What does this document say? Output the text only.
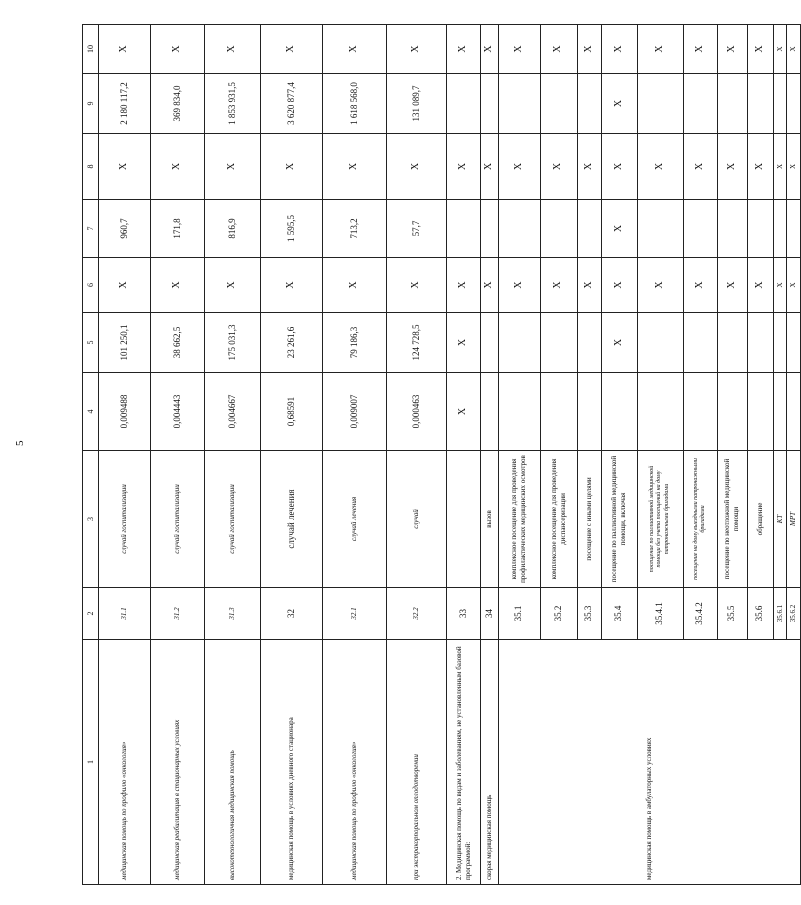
5
1	2	3	4	5	6	7	8	9	10
медицинская помощь по профилю «онкология»	31.1	случай госпитализации	0,009488	101 250,1	X	960,7	X	2 180 117,2	X
медицинская реабилитация в стационарных условиях	31.2	случай госпитализации	0,004443	38 662,5	X	171,8	X	369 834,0	X
высокотехнологичная медицинская помощь	31.3	случай госпитализации	0,004667	175 031,3	X	816,9	X	1 853 931,5	X
медицинская помощь в условиях дневного стационара	32	случай лечения	0,68591	23 261,6	X	1 595,5	X	3 620 877,4	X
медицинская помощь по профилю «онкология»	32.1	случай лечения	0,009007	79 186,3	X	713,2	X	1 618 568,0	X
при экстракорпоральном оплодотворении	32.2	случай	0,000463	124 728,5	X	57,7	X	131 089,7	X
2. Медицинская помощь по видам и заболеваниям, не установленным базовой программой:	33		X	X	X		X		X
скорая медицинская помощь	34	вызов			X		X		X
медицинская помощь в амбулаторных условиях	35.1	комплексное посещение для проведения профилактических медицинских осмотров			X		X		X
	35.2	комплексное посещение для проведения диспансеризации			X		X		X
	35.3	посещение с иными целями			X		X		X
	35.4	посещение по паллиативной медицинской помощи, включая		X	X	X	X	X	X
	35.4.1	посещение по паллиативной медицинской помощи без учета посещений на дому патронажными бригадами			X		X		X
	35.4.2	посещение на дому выездными патронажными бригадами			X		X		X
	35.5	посещение по неотложной медицинской помощи			X		X		X
	35.6	обращение			X		X		X
	35.6.1	КТ			X		X		X
	35.6.2	МРТ			X		X		X
